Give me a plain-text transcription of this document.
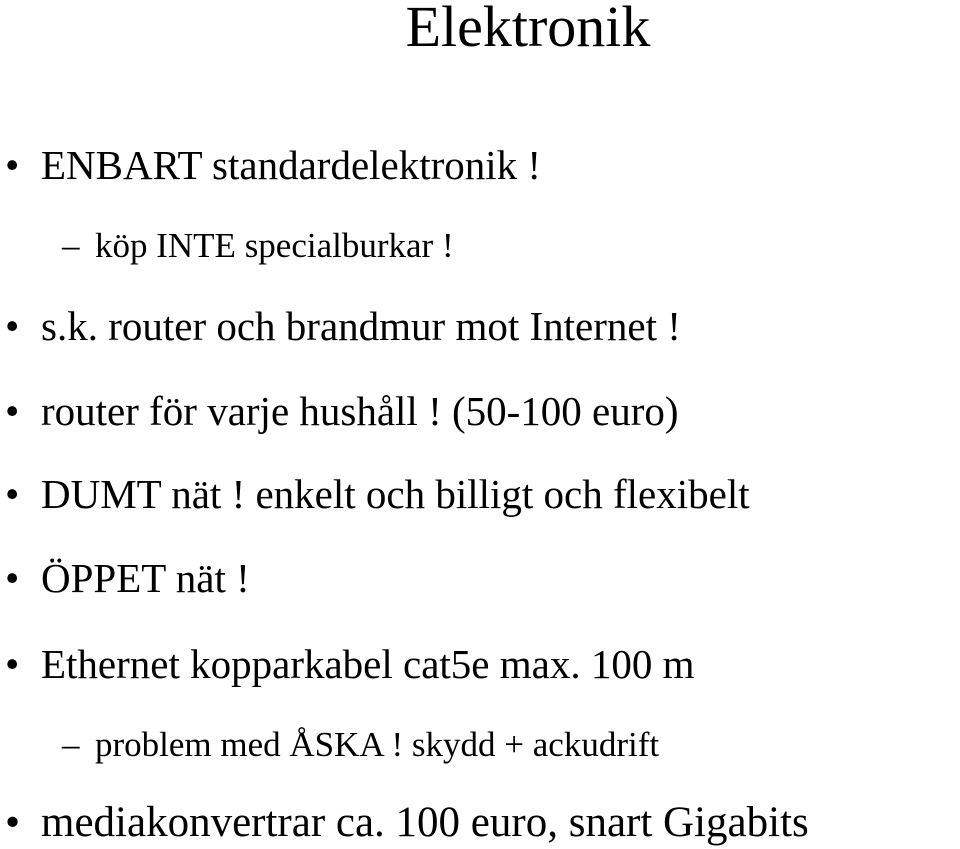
Elektronik
• ENBART standardelektronik !
– köp INTE specialburkar !
• s.k. router och brandmur mot Internet !
• router för varje hushåll ! (50-100 euro)
• DUMT nät ! enkelt och billigt och flexibelt
• ÖPPET nät !
• Ethernet kopparkabel cat5e max. 100 m
– problem med ÅSKA ! skydd + ackudrift
• mediakonvertrar ca. 100 euro, snart Gigabits
